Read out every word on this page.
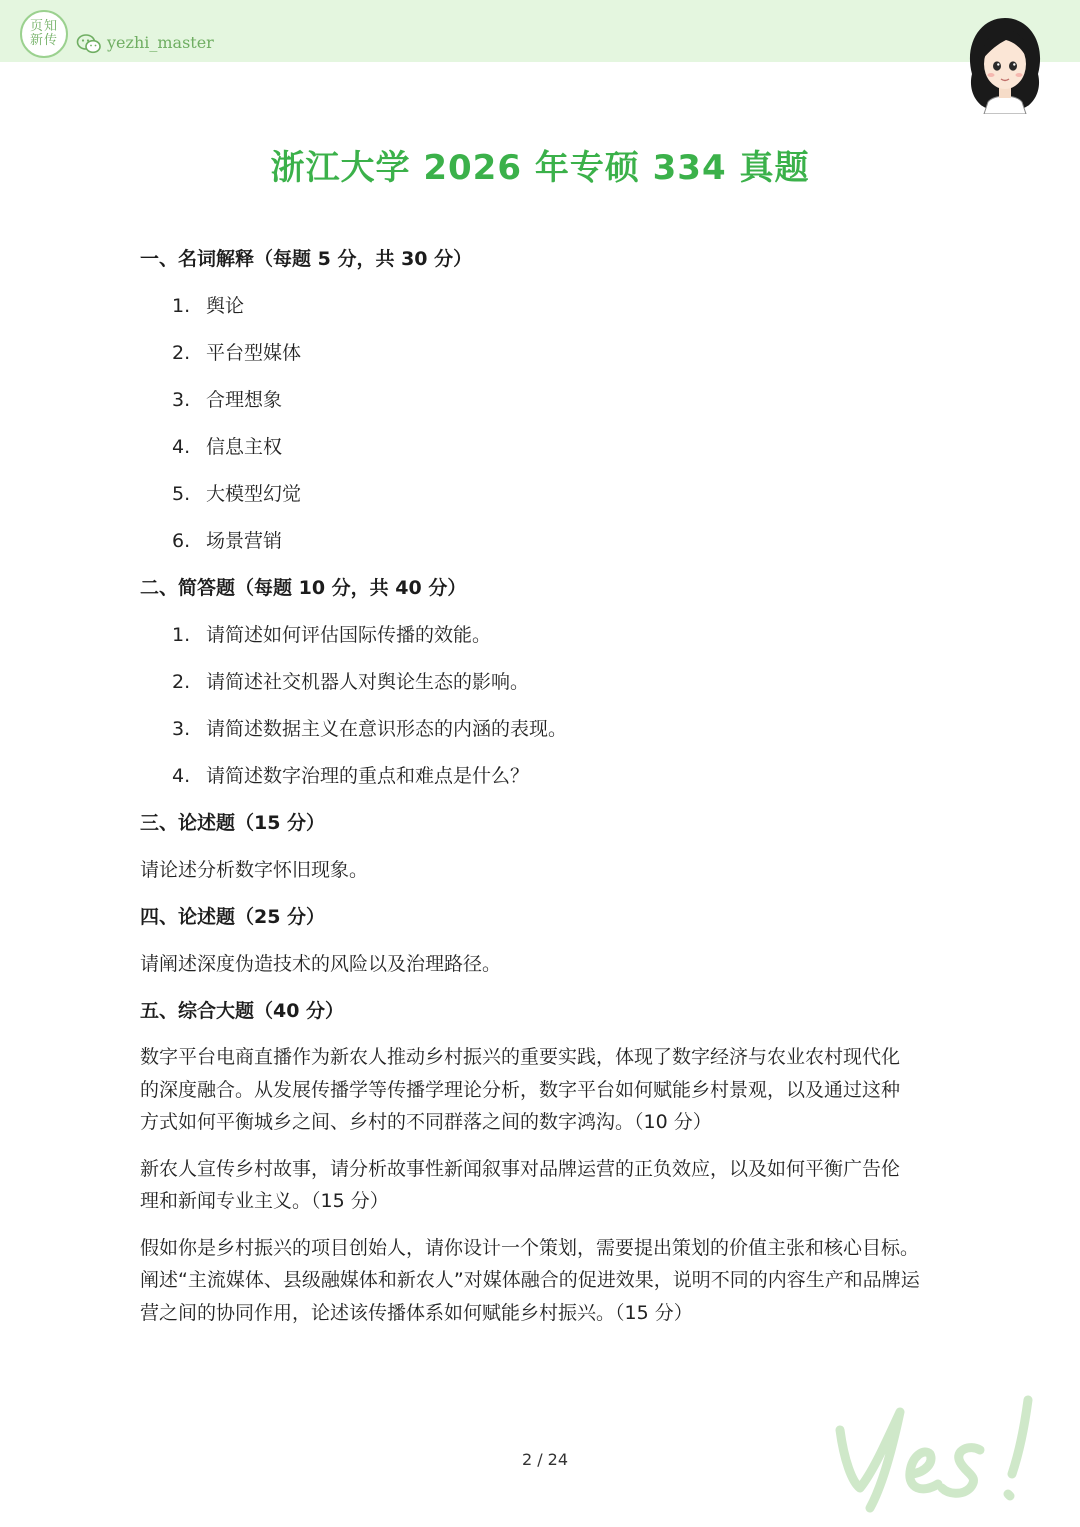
页知
新传	yezhi_master
浙江大学 2026 年专硕 334 真题
一、名词解释（每题 5 分，共 30 分）
1. 舆论
2. 平台型媒体
3. 合理想象
4. 信息主权
5. 大模型幻觉
6. 场景营销
二、简答题（每题 10 分，共 40 分）
1. 请简述如何评估国际传播的效能。
2. 请简述社交机器人对舆论生态的影响。
3. 请简述数据主义在意识形态的内涵的表现。
4. 请简述数字治理的重点和难点是什么？
三、论述题（15 分）
请论述分析数字怀旧现象。
四、论述题（25 分）
请阐述深度伪造技术的风险以及治理路径。
五、综合大题（40 分）
数字平台电商直播作为新农人推动乡村振兴的重要实践，体现了数字经济与农业农村现代化
的深度融合。从发展传播学等传播学理论分析，数字平台如何赋能乡村景观，以及通过这种
方式如何平衡城乡之间、乡村的不同群落之间的数字鸿沟。（10 分）
新农人宣传乡村故事，请分析故事性新闻叙事对品牌运营的正负效应，以及如何平衡广告伦
理和新闻专业主义。（15 分）
假如你是乡村振兴的项目创始人，请你设计一个策划，需要提出策划的价值主张和核心目标。
阐述“主流媒体、县级融媒体和新农人”对媒体融合的促进效果，说明不同的内容生产和品牌运
营之间的协同作用，论述该传播体系如何赋能乡村振兴。（15 分）
2 / 24
